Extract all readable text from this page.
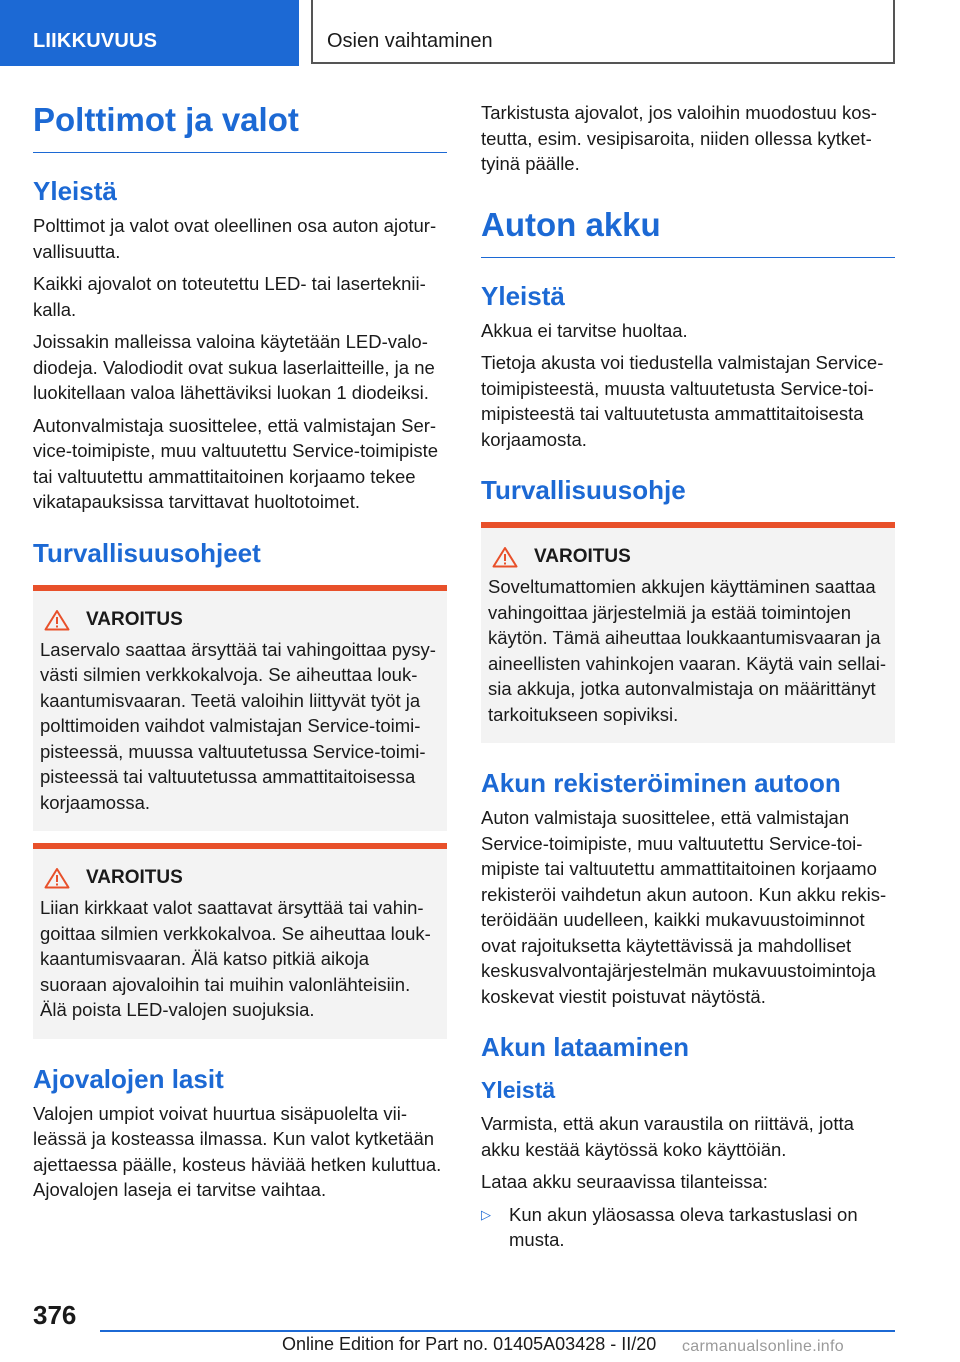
LIIKKUVUUS	Osien vaihtaminen
Polttimot ja valot
Yleistä

Polttimot ja valot ovat oleellinen osa auton ajoturvallisuutta.

Kaikki ajovalot on toteutettu LED- tai lasertekniikalla.

Joissakin malleissa valoina käytetään LED-valodiodeja. Valodiodit ovat sukua laserlaitteille, ja ne luokitellaan valoa lähettäviksi luokan 1 diodeiksi.

Autonvalmistaja suosittelee, että valmistajan Service-toimipiste, muu valtuutettu Service-toimipiste tai valtuutettu ammattitaitoinen korjaamo tekee vikatapauksissa tarvittavat huoltotoimet.

Turvallisuusohjeet
VAROITUS

Laservalo saattaa ärsyttää tai vahingoittaa pysyvästi silmien verkkokalvoja. Se aiheuttaa loukkaantumisvaaran. Teetä valoihin liittyvät työt ja polttimoiden vaihdot valmistajan Service-toimipisteessä, muussa valtuutetussa Service-toimipisteessä tai valtuutetussa ammattitaitoisessa korjaamossa.

VAROITUS

Liian kirkkaat valot saattavat ärsyttää tai vahingoittaa silmien verkkokalvoa. Se aiheuttaa loukkaantumisvaaran. Älä katso pitkiä aikoja suoraan ajovaloihin tai muihin valonlähteisiin. Älä poista LED-valojen suojuksia.

Ajovalojen lasit

Valojen umpiot voivat huurtua sisäpuolelta viileässä ja kosteassa ilmassa. Kun valot kytketään ajettaessa päälle, kosteus häviää hetken kuluttua. Ajovalojen laseja ei tarvitse vaihtaa.

Tarkistusta ajovalot, jos valoihin muodostuu kosteutta, esim. vesipisaroita, niiden ollessa kytkettyinä päälle.

Auton akku
Yleistä

Akkua ei tarvitse huoltaa.

Tietoja akusta voi tiedustella valmistajan Service-toimipisteestä, muusta valtuutetusta Service-toimipisteestä tai valtuutetusta ammattitaitoisesta korjaamosta.

Turvallisuusohje
VAROITUS

Soveltumattomien akkujen käyttäminen saattaa vahingoittaa järjestelmiä ja estää toimintojen käytön. Tämä aiheuttaa loukkaantumisvaaran ja aineellisten vahinkojen vaaran. Käytä vain sellaisia akkuja, jotka autonvalmistaja on määrittänyt tarkoitukseen sopiviksi.

Akun rekisteröiminen autoon

Auton valmistaja suosittelee, että valmistajan Service-toimipiste, muu valtuutettu Service-toimipiste tai valtuutettu ammattitaitoinen korjaamo rekisteröi vaihdetun akun autoon. Kun akku rekisteröidään uudelleen, kaikki mukavuustoiminnot ovat rajoituksetta käytettävissä ja mahdolliset keskusvalvontajärjestelmän mukavuustoimintoja koskevat viestit poistuvat näytöstä.

Akun lataaminen
Yleistä

Varmista, että akun varaustila on riittävä, jotta akku kestää käytössä koko käyttöiän.

Lataa akku seuraavissa tilanteissa:

▷ Kun akun yläosassa oleva tarkastuslasi on musta.

376
Online Edition for Part no. 01405A03428 - II/20 carmanualsonline.info
